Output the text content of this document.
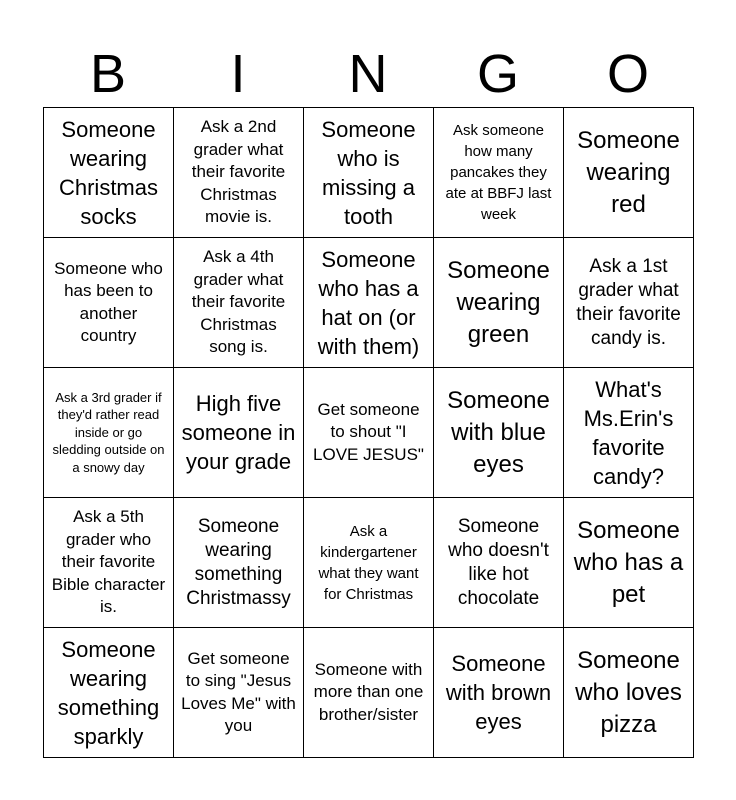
B	I	N	G	O
Someone wearing Christmas socks	Ask a 2nd grader what their favorite Christmas movie is.	Someone who is missing a tooth	Ask someone how many pancakes they ate at BBFJ last week	Someone wearing red

Someone who has been to another country	Ask a 4th grader what their favorite Christmas song is.	Someone who has a hat on (or with them)	Someone wearing green	Ask a 1st grader what their favorite candy is.

Ask a 3rd grader if they'd rather read inside or go sledding outside on a snowy day	High five someone in your grade	Get someone to shout "I LOVE JESUS"	Someone with blue eyes	What's Ms.Erin's favorite candy?

Ask a 5th grader who their favorite Bible character is.	Someone wearing something Christmassy	Ask a kindergartener what they want for Christmas	Someone who doesn't like hot chocolate	Someone who has a pet

Someone wearing something sparkly	Get someone to sing "Jesus Loves Me" with you	Someone with more than one brother/sister	Someone with brown eyes	Someone who loves pizza
